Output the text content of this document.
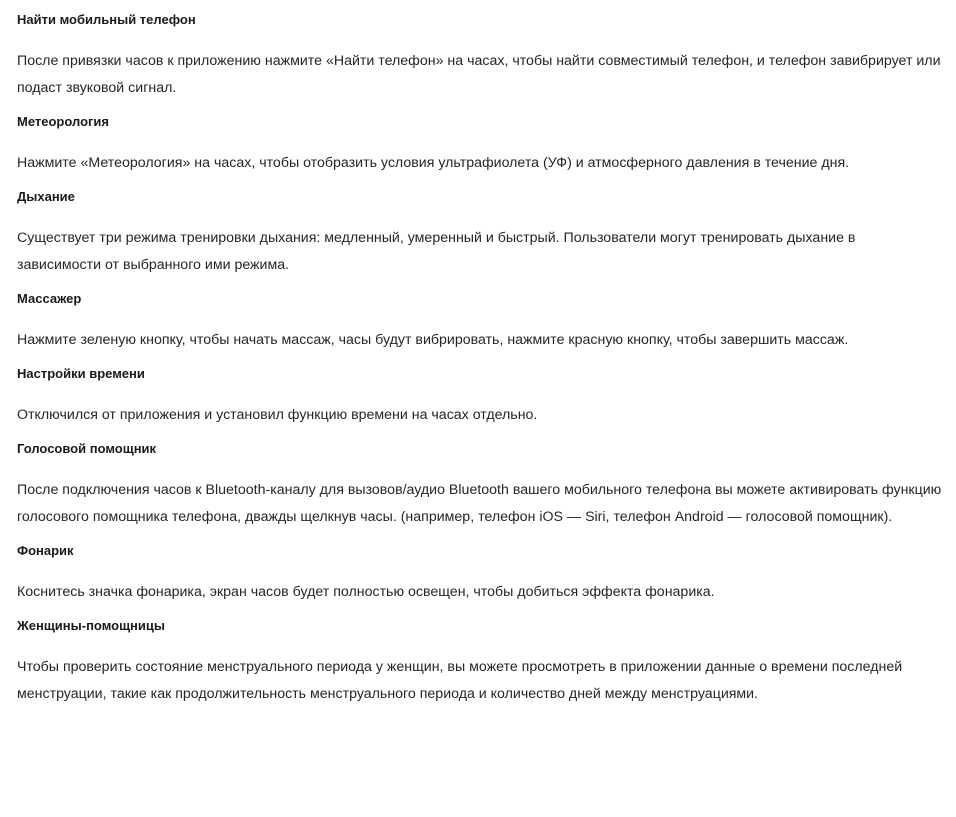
Найти мобильный телефон

После привязки часов к приложению нажмите «Найти телефон» на часах, чтобы найти совместимый телефон, и телефон завибрирует или подаст звуковой сигнал.

Метеорология

Нажмите «Метеорология» на часах, чтобы отобразить условия ультрафиолета (УФ) и атмосферного давления в течение дня.

Дыхание

Существует три режима тренировки дыхания: медленный, умеренный и быстрый. Пользователи могут тренировать дыхание в зависимости от выбранного ими режима.

Массажер

Нажмите зеленую кнопку, чтобы начать массаж, часы будут вибрировать, нажмите красную кнопку, чтобы завершить массаж.

Настройки времени

Отключился от приложения и установил функцию времени на часах отдельно.

Голосовой помощник

После подключения часов к Bluetooth-каналу для вызовов/аудио Bluetooth вашего мобильного телефона вы можете активировать функцию голосового помощника телефона, дважды щелкнув часы. (например, телефон iOS — Siri, телефон Android — голосовой помощник).

Фонарик

Коснитесь значка фонарика, экран часов будет полностью освещен, чтобы добиться эффекта фонарика.

Женщины-помощницы

Чтобы проверить состояние менструального периода у женщин, вы можете просмотреть в приложении данные о времени последней менструации, такие как продолжительность менструального периода и количество дней между менструациями.
